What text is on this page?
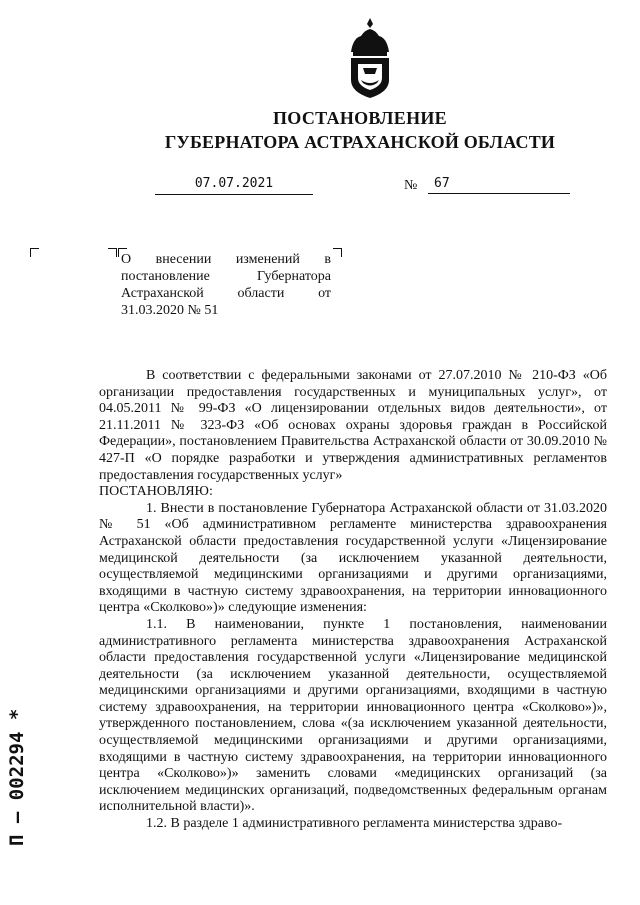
ПОСТАНОВЛЕНИЕ
ГУБЕРНАТОРА АСТРАХАНСКОЙ ОБЛАСТИ
07.07.2021	№	67
О внесении изменений в постановление Губернатора Астраханской области от 31.03.2020 № 51

В соответствии с федеральными законами от 27.07.2010 № 210-ФЗ «Об организации предоставления государственных и муниципальных услуг», от 04.05.2011 № 99-ФЗ «О лицензировании отдельных видов деятельности», от 21.11.2011 № 323-ФЗ «Об основах охраны здоровья граждан в Российской Федерации», постановлением Правительства Астраханской области от 30.09.2010 № 427-П «О порядке разработки и утверждения административных регламентов предоставления государственных услуг»

ПОСТАНОВЛЯЮ:

1. Внести в постановление Губернатора Астраханской области от 31.03.2020 № 51 «Об административном регламенте министерства здравоохранения Астраханской области предоставления государственной услуги «Лицензирование медицинской деятельности (за исключением указанной деятельности, осуществляемой медицинскими организациями и другими организациями, входящими в частную систему здравоохранения, на территории инновационного центра «Сколково»)» следующие изменения:

1.1. В наименовании, пункте 1 постановления, наименовании административного регламента министерства здравоохранения Астраханской области предоставления государственной услуги «Лицензирование медицинской деятельности (за исключением указанной деятельности, осуществляемой медицинскими организациями и другими организациями, входящими в частную систему здравоохранения, на территории инновационного центра «Сколково»)», утвержденного постановлением, слова «(за исключением указанной деятельности, осуществляемой медицинскими организациями и другими организациями, входящими в частную систему здравоохранения, на территории инновационного центра «Сколково»)» заменить словами «медицинских организаций (за исключением медицинских организаций, подведомственных федеральным органам исполнительной власти)».

1.2. В разделе 1 административного регламента министерства здраво-

П – 002294 *
